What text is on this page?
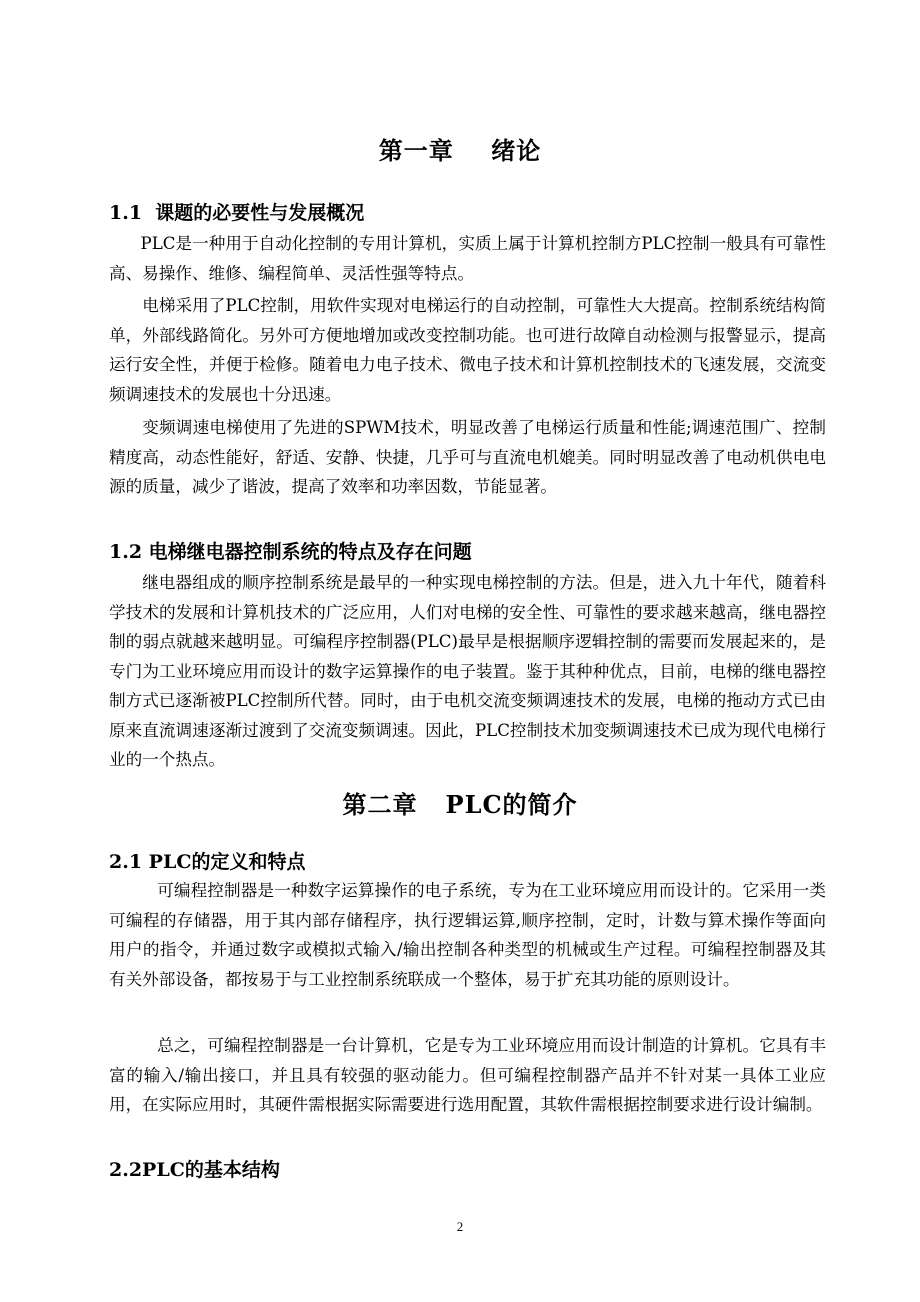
第一章    绪论
1.1  课题的必要性与发展概况
PLC是一种用于自动化控制的专用计算机，实质上属于计算机控制方PLC控制一般具有可靠性高、易操作、维修、编程简单、灵活性强等特点。
电梯采用了PLC控制，用软件实现对电梯运行的自动控制，可靠性大大提高。控制系统结构简单，外部线路简化。另外可方便地增加或改变控制功能。也可进行故障自动检测与报警显示，提高运行安全性，并便于检修。随着电力电子技术、微电子技术和计算机控制技术的飞速发展，交流变频调速技术的发展也十分迅速。
变频调速电梯使用了先进的SPWM技术，明显改善了电梯运行质量和性能;调速范围广、控制精度高，动态性能好，舒适、安静、快捷，几乎可与直流电机媲美。同时明显改善了电动机供电电源的质量，减少了谐波，提高了效率和功率因数，节能显著。
1.2 电梯继电器控制系统的特点及存在问题
继电器组成的顺序控制系统是最早的一种实现电梯控制的方法。但是，进入九十年代，随着科学技术的发展和计算机技术的广泛应用，人们对电梯的安全性、可靠性的要求越来越高，继电器控制的弱点就越来越明显。可编程序控制器(PLC)最早是根据顺序逻辑控制的需要而发展起来的，是专门为工业环境应用而设计的数字运算操作的电子装置。鉴于其种种优点，目前，电梯的继电器控制方式已逐渐被PLC控制所代替。同时，由于电机交流变频调速技术的发展，电梯的拖动方式已由原来直流调速逐渐过渡到了交流变频调速。因此，PLC控制技术加变频调速技术已成为现代电梯行业的一个热点。
第二章   PLC的简介
2.1 PLC的定义和特点
可编程控制器是一种数字运算操作的电子系统，专为在工业环境应用而设计的。它采用一类可编程的存储器，用于其内部存储程序，执行逻辑运算,顺序控制，定时，计数与算术操作等面向用户的指令，并通过数字或模拟式输入/输出控制各种类型的机械或生产过程。可编程控制器及其有关外部设备，都按易于与工业控制系统联成一个整体，易于扩充其功能的原则设计。
总之，可编程控制器是一台计算机，它是专为工业环境应用而设计制造的计算机。它具有丰富的输入/输出接口，并且具有较强的驱动能力。但可编程控制器产品并不针对某一具体工业应用，在实际应用时，其硬件需根据实际需要进行选用配置，其软件需根据控制要求进行设计编制。
2.2PLC的基本结构
2
